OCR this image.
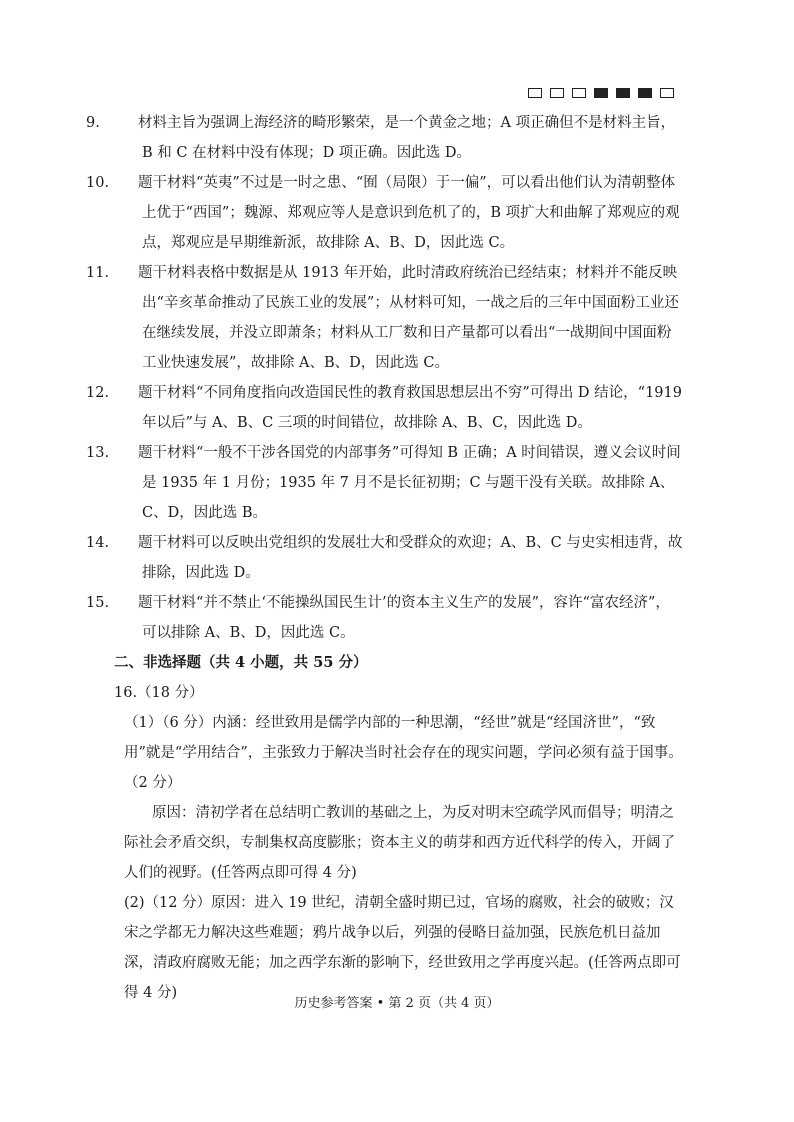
9.	材料主旨为强调上海经济的畸形繁荣，是一个黄金之地；A 项正确但不是材料主旨，B 和 C 在材料中没有体现；D 项正确。因此选 D。
10. 题干材料“英夷”不过是一时之患、“囿（局限）于一偏”，可以看出他们认为清朝整体上优于“西国”；魏源、郑观应等人是意识到危机了的，B 项扩大和曲解了郑观应的观点，郑观应是早期维新派，故排除 A、B、D，因此选 C。
11. 题干材料表格中数据是从 1913 年开始，此时清政府统治已经结束；材料并不能反映出“辛亥革命推动了民族工业的发展”；从材料可知，一战之后的三年中国面粉工业还在继续发展，并没立即萧条；材料从工厂数和日产量都可以看出“一战期间中国面粉工业快速发展”，故排除 A、B、D，因此选 C。
12. 题干材料“不同角度指向改造国民性的教育救国思想层出不穷”可得出 D 结论，“1919年以后”与 A、B、C 三项的时间错位，故排除 A、B、C，因此选 D。
13. 题干材料“一般不干涉各国党的内部事务”可得知 B 正确；A 时间错误，遵义会议时间是 1935 年 1 月份；1935 年 7 月不是长征初期；C 与题干没有关联。故排除 A、C、D，因此选 B。
14. 题干材料可以反映出党组织的发展壮大和受群众的欢迎；A、B、C 与史实相违背，故排除，因此选 D。
15. 题干材料“并不禁止‘不能操纵国民生计’的资本主义生产的发展”，容许“富农经济”，可以排除 A、B、D，因此选 C。
二、非选择题（共 4 小题，共 55 分）
16.（18 分）
（1）（6 分）内涵：经世致用是儒学内部的一种思潮，“经世”就是“经国济世”，“致用”就是“学用结合”，主张致力于解决当时社会存在的现实问题，学问必须有益于国事。（2 分）
原因：清初学者在总结明亡教训的基础之上，为反对明末空疏学风而倡导；明清之际社会矛盾交织，专制集权高度膨胀；资本主义的萌芽和西方近代科学的传入，开阔了人们的视野。(任答两点即可得 4 分)
(2)（12 分）原因：进入 19 世纪，清朝全盛时期已过，官场的腐败，社会的破败；汉宋之学都无力解决这些难题；鸦片战争以后，列强的侵略日益加强，民族危机日益加深，清政府腐败无能；加之西学东渐的影响下，经世致用之学再度兴起。(任答两点即可得 4 分)
历史参考答案 • 第 2 页（共 4 页）
